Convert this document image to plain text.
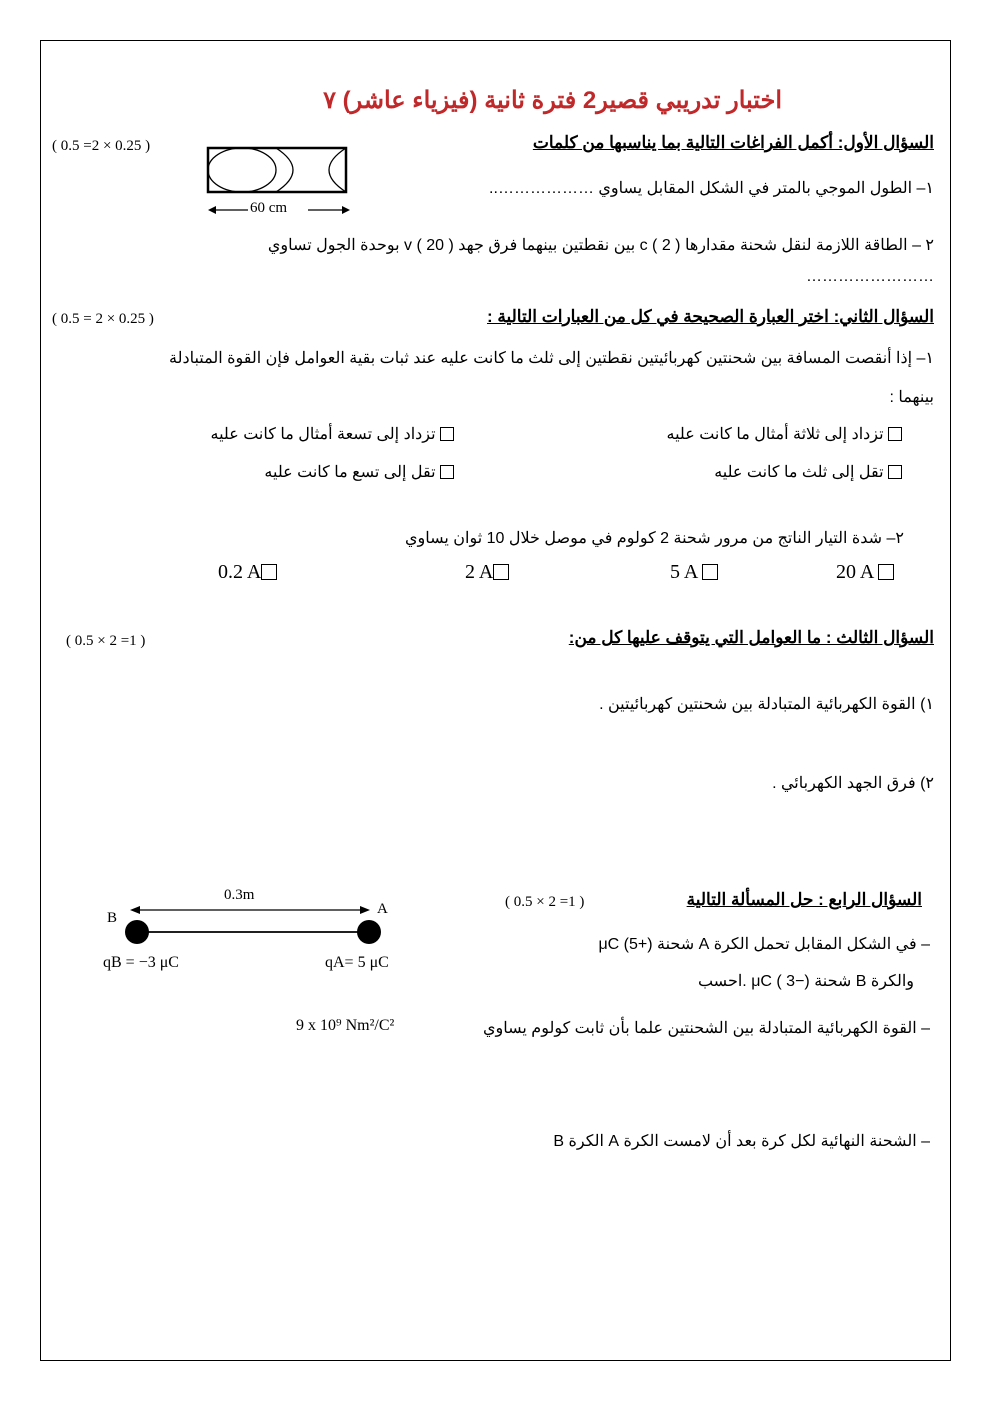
اختبار تدريبي قصير2 فترة ثانية (فيزياء عاشر) ٧
السؤال الأول: أكمل الفراغات التالية بما يناسبها من كلمات
( 0.5 =2 × 0.25 )
60 cm
١– الطول الموجي بالمتر في الشكل المقابل يساوي ………………..
٢ – الطاقة اللازمة لنقل شحنة مقدارها c ( 2 ) بين نقطتين بينهما فرق جهد v ( 20 ) بوحدة الجول تساوي
……………………
السؤال الثاني: اختر العبارة الصحيحة في كل من العبارات التالية :
( 0.5 = 2 × 0.25 )
١– إذا أنقصت المسافة بين شحنتين كهربائيتين نقطتين إلى ثلث ما كانت عليه عند ثبات بقية العوامل فإن القوة المتبادلة
بينهما :
تزداد إلى ثلاثة أمثال ما كانت عليه
تزداد إلى تسعة أمثال ما كانت عليه
تقل إلى ثلث ما كانت عليه
تقل إلى تسع ما كانت عليه
٢– شدة التيار الناتج من مرور شحنة 2 كولوم في موصل خلال 10 ثوان يساوي
20 A
5 A
2 A
0.2 A
السؤال الثالث : ما العوامل التي يتوقف عليها كل من:
( 0.5 × 2 =1 )
١) القوة الكهربائية المتبادلة بين شحنتين كهربائيتين .
٢) فرق الجهد الكهربائي .
السؤال الرابع : حل المسألة التالية
( 0.5 × 2 =1 )
0.3m
B
A
qB = −3 μC	qA= 5 μC
– في الشكل المقابل تحمل الكرة A شحنة μC (5+)
والكرة B شحنة μC ( 3−) .احسب
– القوة الكهربائية المتبادلة بين الشحنتين علما بأن ثابت كولوم يساوي
9 x 10⁹ Nm²/C²
– الشحنة النهائية لكل كرة بعد أن لامست الكرة A الكرة B
